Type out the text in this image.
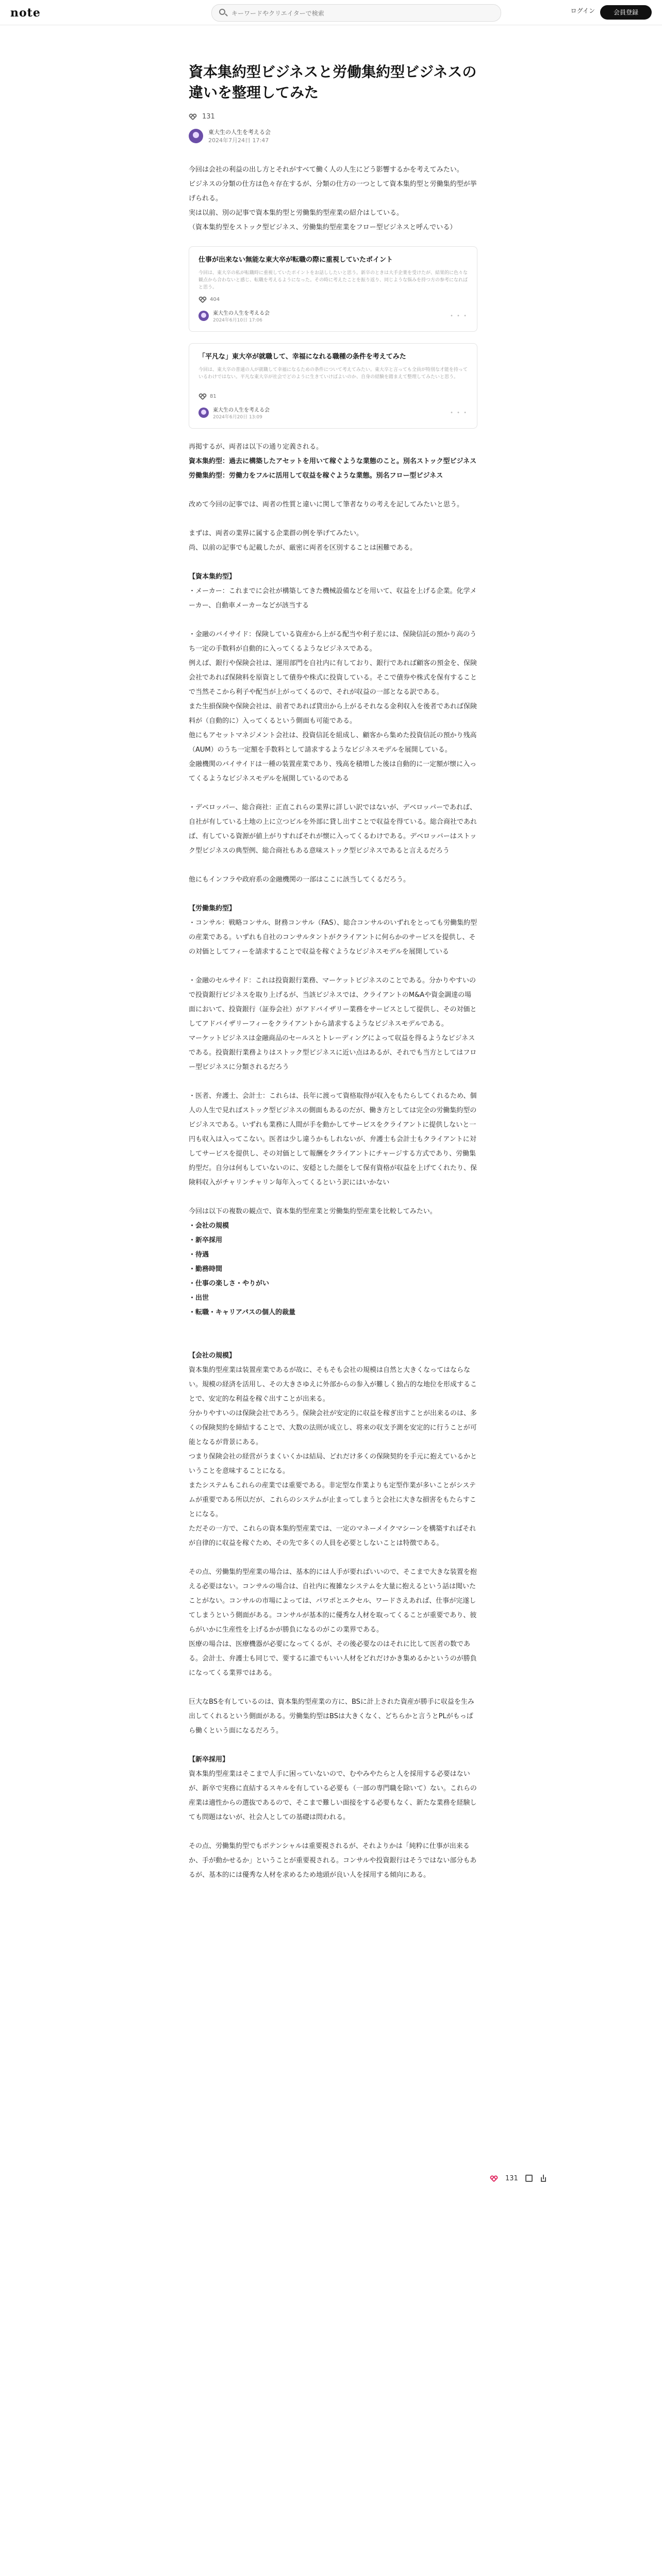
note
キーワードやクリエイターで検索	ログイン	会員登録
資本集約型ビジネスと労働集約型ビジネスの違いを整理してみた
131
東大生の人生を考える会
2024年7月24日 17:47

今回は会社の利益の出し方とそれがすべて働く人の人生にどう影響するかを考えてみたい。

ビジネスの分類の仕方は色々存在するが、分類の仕方の一つとして資本集約型と労働集約型が挙げられる。

実は以前、別の記事で資本集約型と労働集約型産業の紹介はしている。

（資本集約型をストック型ビジネス、労働集約型産業をフロー型ビジネスと呼んでいる）

仕事が出来ない無能な東大卒が転職の際に重視していたポイント
今回は、東大卒の私が転職時に重視していたポイントをお話ししたいと思う。新卒のときは大手企業を受けたが、結果的に色々な観点から合わないと感じ、転職を考えるようになった。その時に考えたことを振り返り、同じような悩みを持つ方の参考になればと思う。
404
東大生の人生を考える会
2024年6月10日 17:06
• • •
「平凡な」東大卒が就職して、幸福になれる職種の条件を考えてみた
今回は、東大卒の普通の人が就職して幸福になるための条件について考えてみたい。東大卒と言っても全員が特別な才能を持っているわけではない。平凡な東大卒が社会でどのように生きていけばよいのか、自身の経験を踏まえて整理してみたいと思う。
81
東大生の人生を考える会
2024年6月20日 13:09
• • •

再掲するが、両者は以下の通り定義される。

資本集約型：過去に構築したアセットを用いて稼ぐような業態のこと。別名ストック型ビジネス

労働集約型：労働力をフルに活用して収益を稼ぐような業態。別名フロー型ビジネス

改めて今回の記事では、両者の性質と違いに関して筆者なりの考えを記してみたいと思う。

まずは、両者の業界に属する企業群の例を挙げてみたい。

尚、以前の記事でも記載したが、厳密に両者を区別することは困難である。

【資本集約型】

・メーカー：これまでに会社が構築してきた機械設備などを用いて、収益を上げる企業。化学メーカー、自動車メーカーなどが該当する

・金融のバイサイド：保険している資産から上がる配当や利子差には、保険信託の預かり高のうち一定の手数料が自動的に入ってくるようなビジネスである。

例えば、銀行や保険会社は、運用部門を自社内に有しており、銀行であれば顧客の預金を、保険会社であれば保険料を原資として債券や株式に投資している。そこで債券や株式を保有することで当然そこから利子や配当が上がってくるので、それが収益の一部となる訳である。

また生損保険や保険会社は、前者であれば貸出から上がるそれなる金利収入を後者であれば保険料が（自動的に）入ってくるという側面も可能である。

他にもアセットマネジメント会社は、投資信託を組成し、顧客から集めた投資信託の預かり残高（AUM）のうち一定額を手数料として請求するようなビジネスモデルを展開している。

金融機関のバイサイドは一種の装置産業であり、残高を積増した後は自動的に一定額が懐に入ってくるようなビジネスモデルを展開しているのである

・デベロッパー、総合商社：正直これらの業界に詳しい訳ではないが、デベロッパーであれば、自社が有している土地の上に立つビルを外部に貸し出すことで収益を得ている。総合商社であれば、有している資源が値上がりすればそれが懐に入ってくるわけである。デベロッパーはストック型ビジネスの典型例、総合商社もある意味ストック型ビジネスであると言えるだろう

他にもインフラや政府系の金融機関の一部はここに該当してくるだろう。

【労働集約型】

・コンサル：戦略コンサル、財務コンサル（FAS）、総合コンサルのいずれをとっても労働集約型の産業である。いずれも自社のコンサルタントがクライアントに何らかのサービスを提供し、その対価としてフィーを請求することで収益を稼ぐようなビジネスモデルを展開している

・金融のセルサイド：これは投資銀行業務、マーケットビジネスのことである。分かりやすいので投資銀行ビジネスを取り上げるが、当該ビジネスでは、クライアントのM&Aや資金調達の場面において、投資銀行（証券会社）がアドバイザリー業務をサービスとして提供し、その対価としてアドバイザリーフィーをクライアントから請求するようなビジネスモデルである。

マーケットビジネスは金融商品のセールスとトレーディングによって収益を得るようなビジネスである。投資銀行業務よりはストック型ビジネスに近い点はあるが、それでも当方としてはフロー型ビジネスに分類されるだろう

・医者、弁護士、会計士：これらは、長年に渡って資格取得が収入をもたらしてくれるため、個人の人生で見ればストック型ビジネスの側面もあるのだが、働き方としては完全の労働集約型のビジネスである。いずれも業務に人間が手を動かしてサービスをクライアントに提供しないと一円も収入は入ってこない。医者は少し違うかもしれないが、弁護士も会計士もクライアントに対してサービスを提供し、その対価として報酬をクライアントにチャージする方式であり、労働集約型だ。自分は何もしていないのに、安穏とした顔をして保有資格が収益を上げてくれたり、保険料収入がチャリンチャリン毎年入ってくるという訳にはいかない

今回は以下の複数の観点で、資本集約型産業と労働集約型産業を比較してみたい。

・会社の規模

・新卒採用

・待遇

・勤務時間

・仕事の楽しさ・やりがい

・出世

・転職・キャリアパスの個人的裁量

【会社の規模】

資本集約型産業は装置産業であるが故に、そもそも会社の規模は自然と大きくなってはならない。規模の経済を活用し、その大きさゆえに外部からの参入が難しく独占的な地位を形成することで、安定的な利益を稼ぐ出すことが出来る。

分かりやすいのは保険会社であろう。保険会社が安定的に収益を稼ぎ出すことが出来るのは、多くの保険契約を締結することで、大数の法則が成立し、将来の収支予測を安定的に行うことが可能となるが背景にある。

つまり保険会社の経営がうまくいくかは結局、どれだけ多くの保険契約を手元に抱えているかということを意味することになる。

またシステムもこれらの産業では重要である。非定型な作業よりも定型作業が多いことがシステムが重要である所以だが、これらのシステムが止まってしまうと会社に大きな損害をもたらすことになる。

ただその一方で、これらの資本集約型産業では、一定のマネーメイクマシーンを構築すればそれが自律的に収益を稼ぐため、その先で多くの人員を必要としないことは特徴である。

その点、労働集約型産業の場合は、基本的には人手が要ればいいので、そこまで大きな装置を抱える必要はない。コンサルの場合は、自社内に複雑なシステムを大量に抱えるという話は聞いたことがない。コンサルの市場によっては、パワポとエクセル、ワードさえあれば、仕事が完遂してしまうという側面がある。コンサルが基本的に優秀な人材を取ってくることが重要であり、彼らがいかに生産性を上げるかが勝負になるのがこの業界である。

医療の場合は、医療機器が必要になってくるが、その後必要なのはそれに比して医者の数である。会計士、弁護士も同じで、要するに誰でもいい人材をどれだけかき集めるかというのが勝負になってくる業界ではある。

巨大なBSを有しているのは、資本集約型産業の方に、BSに計上された資産が勝手に収益を生み出してくれるという側面がある。労働集約型はBSは大きくなく、どちらかと言うとPLがもっぱら働くという面になるだろう。

【新卒採用】

資本集約型産業はそこまで人手に困っていないので、むやみやたらと人を採用する必要はないが、新卒で実務に直結するスキルを有している必要も（一部の専門職を除いて）ない。これらの産業は適性からの選抜であるので、そこまで難しい面接をする必要もなく、新たな業務を経験しても問題はないが、社会人としての基礎は問われる。

その点、労働集約型でもポテンシャルは重要視されるが、それよりかは「純粋に仕事が出来るか、手が動かせるか」ということが重要視される。コンサルや投資銀行はそうではない部分もあるが、基本的には優秀な人材を求めるため地頭が良い人を採用する傾向にある。

131
